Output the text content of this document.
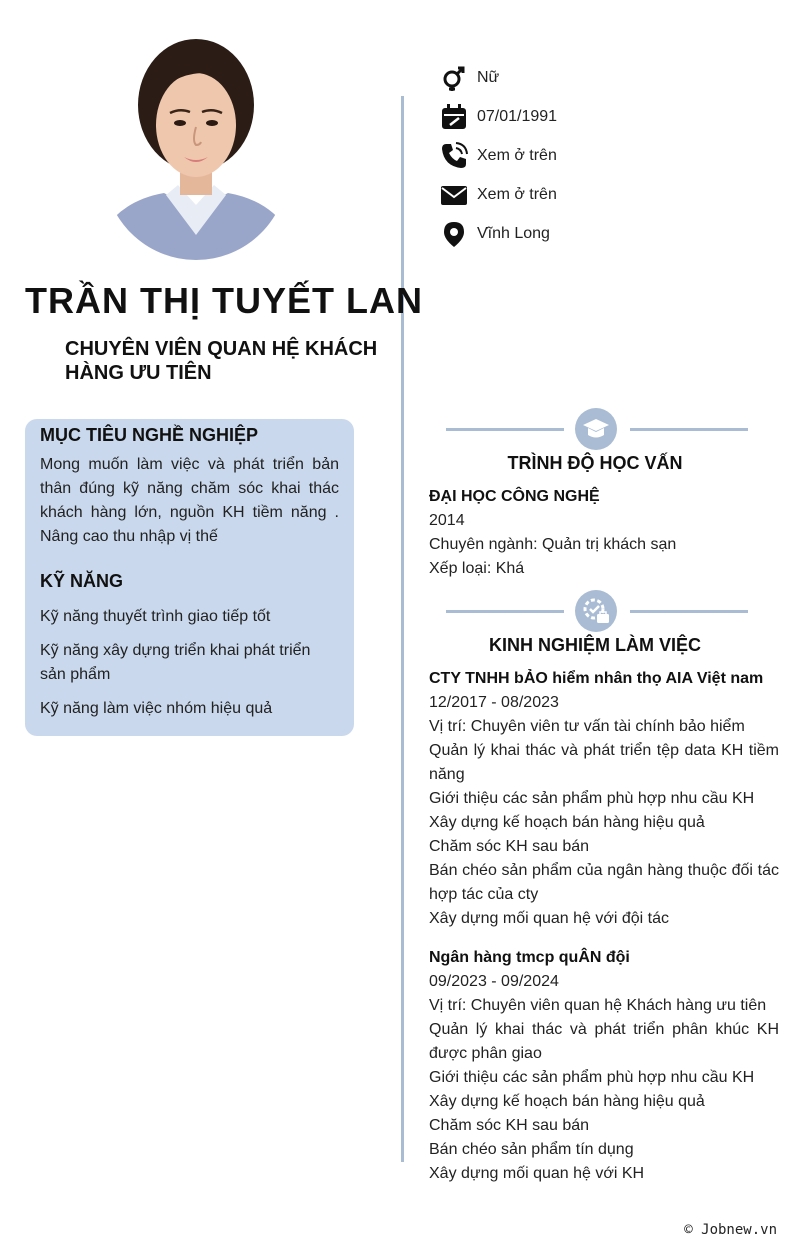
TRẦN THỊ TUYẾT LAN
CHUYÊN VIÊN QUAN HỆ KHÁCH HÀNG ƯU TIÊN
Nữ
07/01/1991
Xem ở trên
Xem ở trên
Vĩnh Long
MỤC TIÊU NGHỀ NGHIỆP
Mong muốn làm việc và phát triển bản thân đúng kỹ năng chăm sóc khai thác khách hàng lớn, nguồn KH tiềm năng . Nâng cao thu nhập vị thế
KỸ NĂNG
Kỹ năng thuyết trình giao tiếp tốt
Kỹ năng xây dựng triển khai phát triển sản phẩm
Kỹ năng làm việc nhóm hiệu quả
TRÌNH ĐỘ HỌC VẤN
ĐẠI HỌC CÔNG NGHỆ
2014
Chuyên ngành: Quản trị khách sạn
Xếp loại: Khá
KINH NGHIỆM LÀM VIỆC
CTY TNHH bẢO hiểm nhân thọ AIA Việt nam
12/2017 - 08/2023
Vị trí: Chuyên viên tư vấn tài chính bảo hiểm
Quản lý khai thác và phát triển tệp data KH tiềm năng
Giới thiệu các sản phẩm phù hợp nhu cầu KH
Xây dựng kế hoạch bán hàng hiệu quả
Chăm sóc KH sau bán
Bán chéo sản phẩm của ngân hàng thuộc đối tác hợp tác của cty
Xây dựng mối quan hệ với đội tác
Ngân hàng tmcp quÂN đội
09/2023 - 09/2024
Vị trí: Chuyên viên quan hệ Khách hàng ưu tiên
Quản lý khai thác và phát triển phân khúc KH được phân giao
Giới thiệu các sản phẩm phù hợp nhu cầu KH
Xây dựng kế hoạch bán hàng hiệu quả
Chăm sóc KH sau bán
Bán chéo sản phẩm tín dụng
Xây dựng mối quan hệ với KH
© Jobnew.vn
